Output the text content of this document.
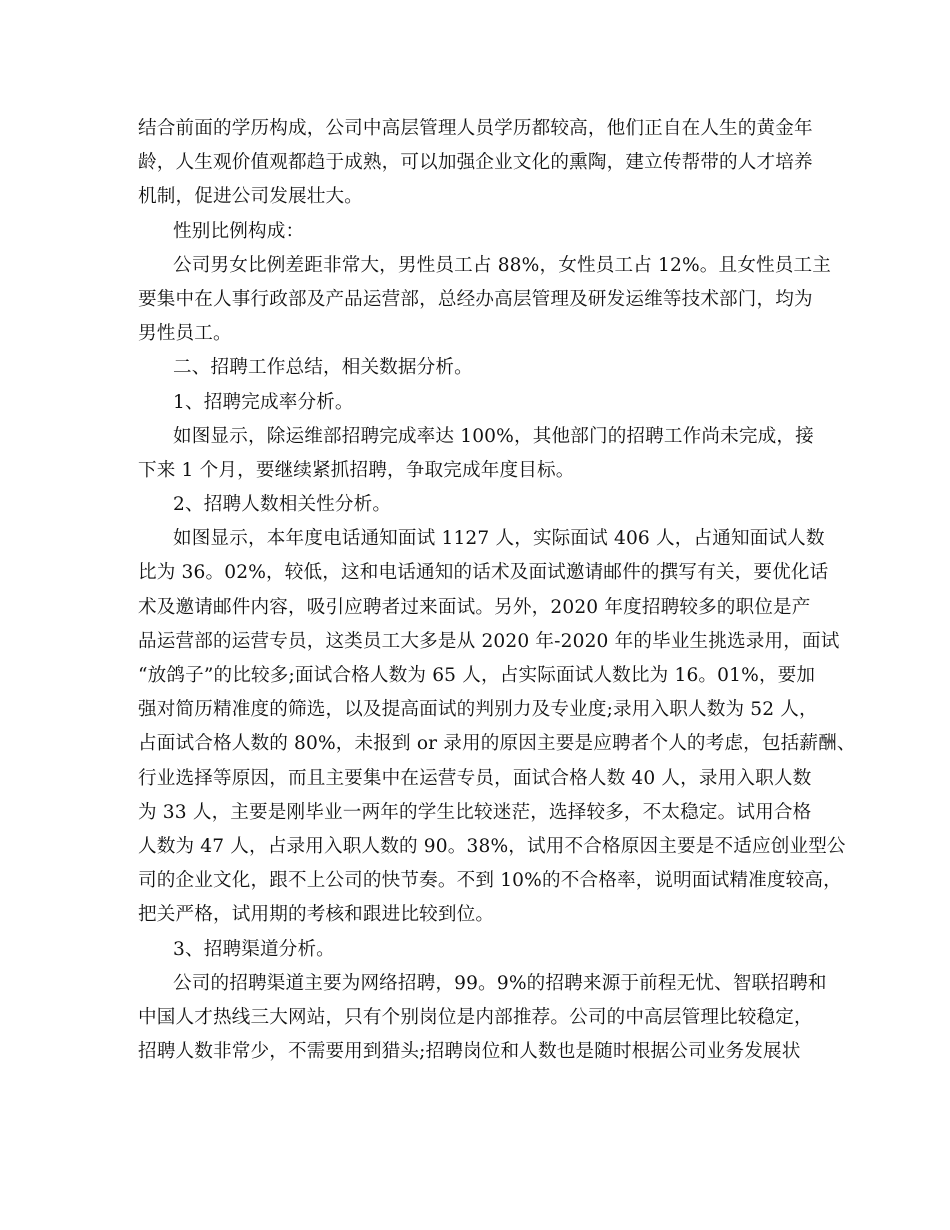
结合前面的学历构成，公司中高层管理人员学历都较高，他们正自在人生的黄金年
龄，人生观价值观都趋于成熟，可以加强企业文化的熏陶，建立传帮带的人才培养
机制，促进公司发展壮大。
性别比例构成：
公司男女比例差距非常大，男性员工占 88%，女性员工占 12%。且女性员工主
要集中在人事行政部及产品运营部，总经办高层管理及研发运维等技术部门，均为
男性员工。
二、招聘工作总结，相关数据分析。
1、招聘完成率分析。
如图显示，除运维部招聘完成率达 100%，其他部门的招聘工作尚未完成，接
下来 1 个月，要继续紧抓招聘，争取完成年度目标。
2、招聘人数相关性分析。
如图显示，本年度电话通知面试 1127 人，实际面试 406 人，占通知面试人数
比为 36。02%，较低，这和电话通知的话术及面试邀请邮件的撰写有关，要优化话
术及邀请邮件内容，吸引应聘者过来面试。另外，2020 年度招聘较多的职位是产
品运营部的运营专员，这类员工大多是从 2020 年-2020 年的毕业生挑选录用，面试
“放鸽子”的比较多;面试合格人数为 65 人，占实际面试人数比为 16。01%，要加
强对简历精准度的筛选，以及提高面试的判别力及专业度;录用入职人数为 52 人，
占面试合格人数的 80%，未报到 or 录用的原因主要是应聘者个人的考虑，包括薪酬、
行业选择等原因，而且主要集中在运营专员，面试合格人数 40 人，录用入职人数
为 33 人，主要是刚毕业一两年的学生比较迷茫，选择较多，不太稳定。试用合格
人数为 47 人，占录用入职人数的 90。38%，试用不合格原因主要是不适应创业型公
司的企业文化，跟不上公司的快节奏。不到 10%的不合格率，说明面试精准度较高，
把关严格，试用期的考核和跟进比较到位。
3、招聘渠道分析。
公司的招聘渠道主要为网络招聘，99。9%的招聘来源于前程无忧、智联招聘和
中国人才热线三大网站，只有个别岗位是内部推荐。公司的中高层管理比较稳定，
招聘人数非常少，不需要用到猎头;招聘岗位和人数也是随时根据公司业务发展状
